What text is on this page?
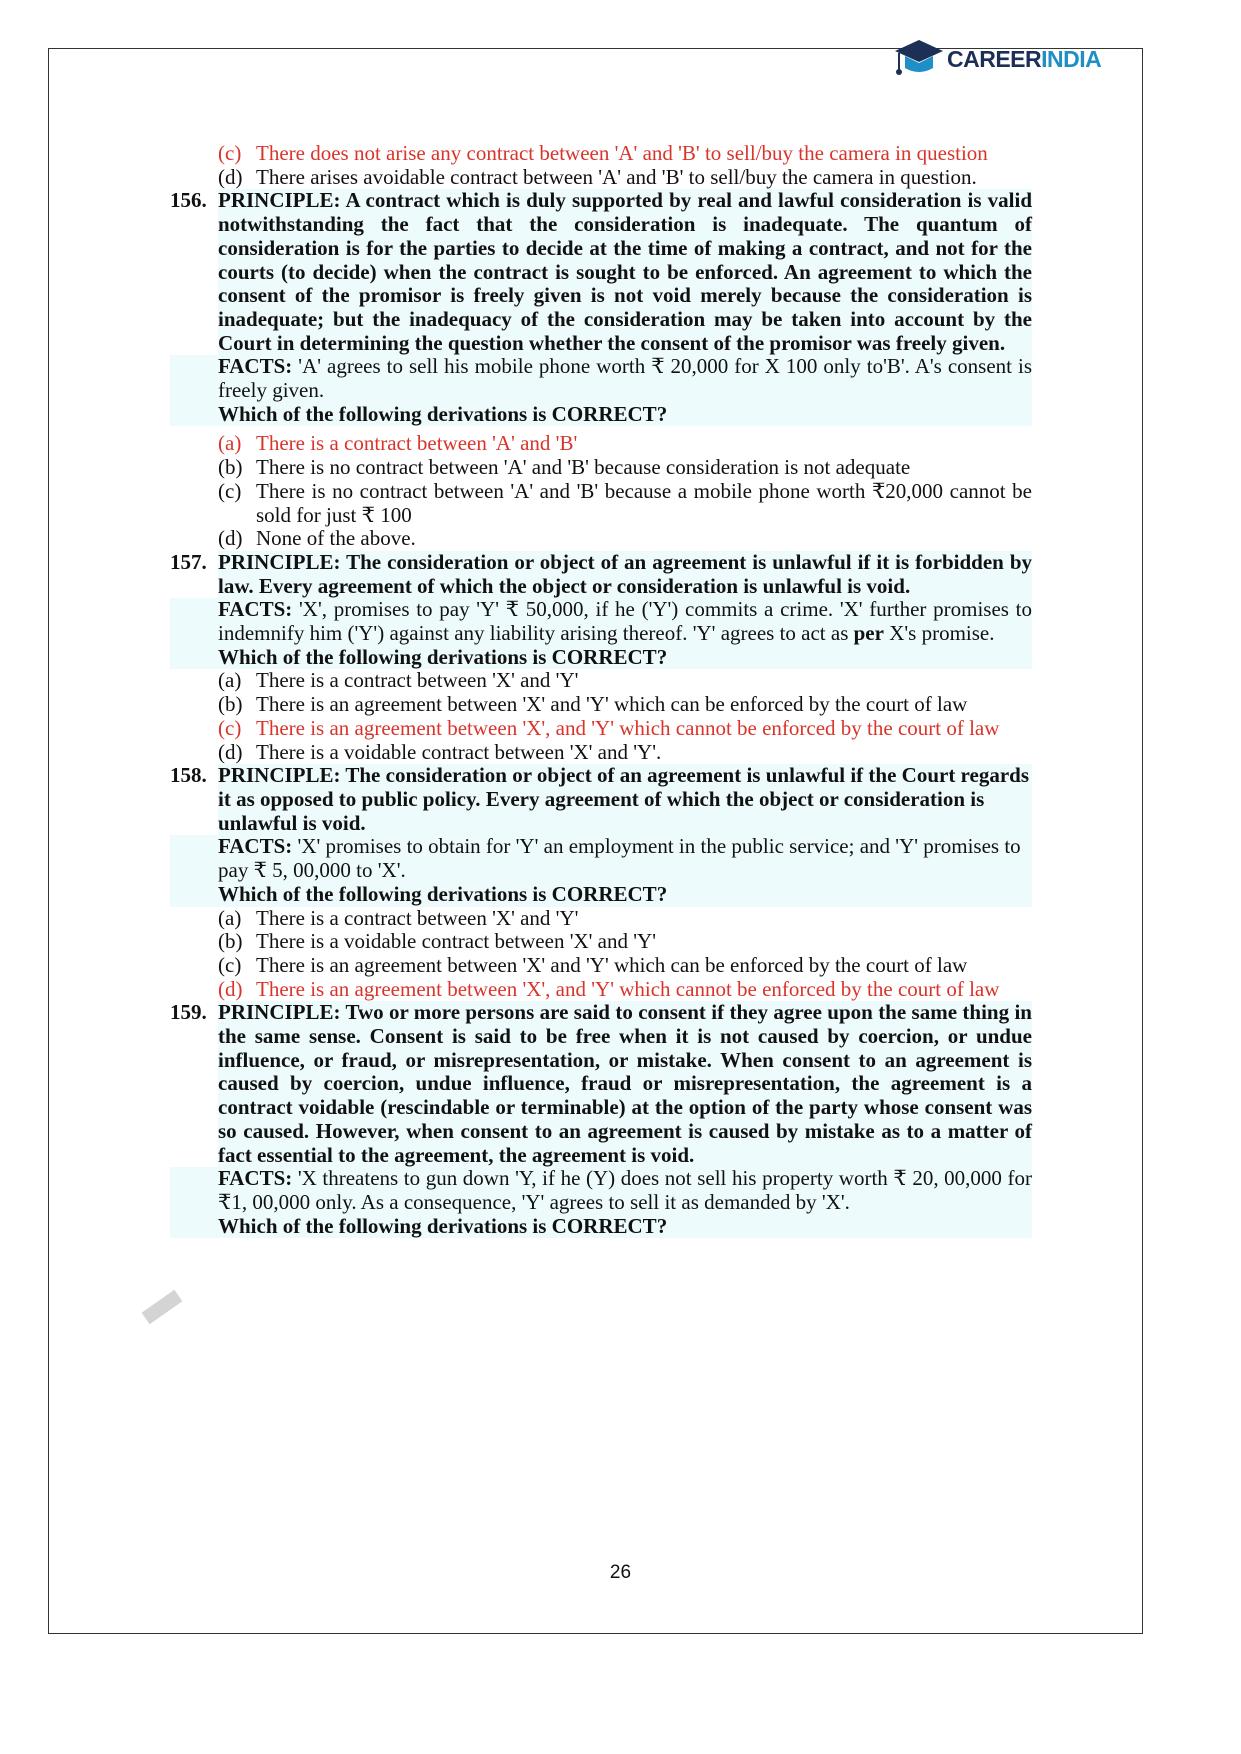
CAREERINDIA
(c) There does not arise any contract between 'A' and 'B' to sell/buy the camera in question
(d) There arises avoidable contract between 'A' and 'B' to sell/buy the camera in question.
156. PRINCIPLE: A contract which is duly supported by real and lawful consideration is valid notwithstanding the fact that the consideration is inadequate. The quantum of consideration is for the parties to decide at the time of making a contract, and not for the courts (to decide) when the contract is sought to be enforced. An agreement to which the consent of the promisor is freely given is not void merely because the consideration is inadequate; but the inadequacy of the consideration may be taken into account by the Court in determining the question whether the consent of the promisor was freely given.
FACTS: 'A' agrees to sell his mobile phone worth ₹ 20,000 for X 100 only to'B'. A's consent is freely given.
Which of the following derivations is CORRECT?
(a) There is a contract between 'A' and 'B'
(b) There is no contract between 'A' and 'B' because consideration is not adequate
(c) There is no contract between 'A' and 'B' because a mobile phone worth ₹20,000 cannot be sold for just ₹ 100
(d) None of the above.
157. PRINCIPLE: The consideration or object of an agreement is unlawful if it is forbidden by law. Every agreement of which the object or consideration is unlawful is void.
FACTS: 'X', promises to pay 'Y' ₹ 50,000, if he ('Y') commits a crime. 'X' further promises to indemnify him ('Y') against any liability arising thereof. 'Y' agrees to act as per X's promise.
Which of the following derivations is CORRECT?
(a) There is a contract between 'X' and 'Y'
(b) There is an agreement between 'X' and 'Y' which can be enforced by the court of law
(c) There is an agreement between 'X', and 'Y' which cannot be enforced by the court of law
(d) There is a voidable contract between 'X' and 'Y'.
158. PRINCIPLE: The consideration or object of an agreement is unlawful if the Court regards it as opposed to public policy. Every agreement of which the object or consideration is unlawful is void.
FACTS: 'X' promises to obtain for 'Y' an employment in the public service; and 'Y' promises to pay ₹ 5, 00,000 to 'X'.
Which of the following derivations is CORRECT?
(a) There is a contract between 'X' and 'Y'
(b) There is a voidable contract between 'X' and 'Y'
(c) There is an agreement between 'X' and 'Y' which can be enforced by the court of law
(d) There is an agreement between 'X', and 'Y' which cannot be enforced by the court of law
159. PRINCIPLE: Two or more persons are said to consent if they agree upon the same thing in the same sense. Consent is said to be free when it is not caused by coercion, or undue influence, or fraud, or misrepresentation, or mistake. When consent to an agreement is caused by coercion, undue influence, fraud or misrepresentation, the agreement is a contract voidable (rescindable or terminable) at the option of the party whose consent was so caused. However, when consent to an agreement is caused by mistake as to a matter of fact essential to the agreement, the agreement is void.
FACTS: 'X threatens to gun down 'Y, if he (Y) does not sell his property worth ₹ 20, 00,000 for ₹1, 00,000 only. As a consequence, 'Y' agrees to sell it as demanded by 'X'.
Which of the following derivations is CORRECT?
26
